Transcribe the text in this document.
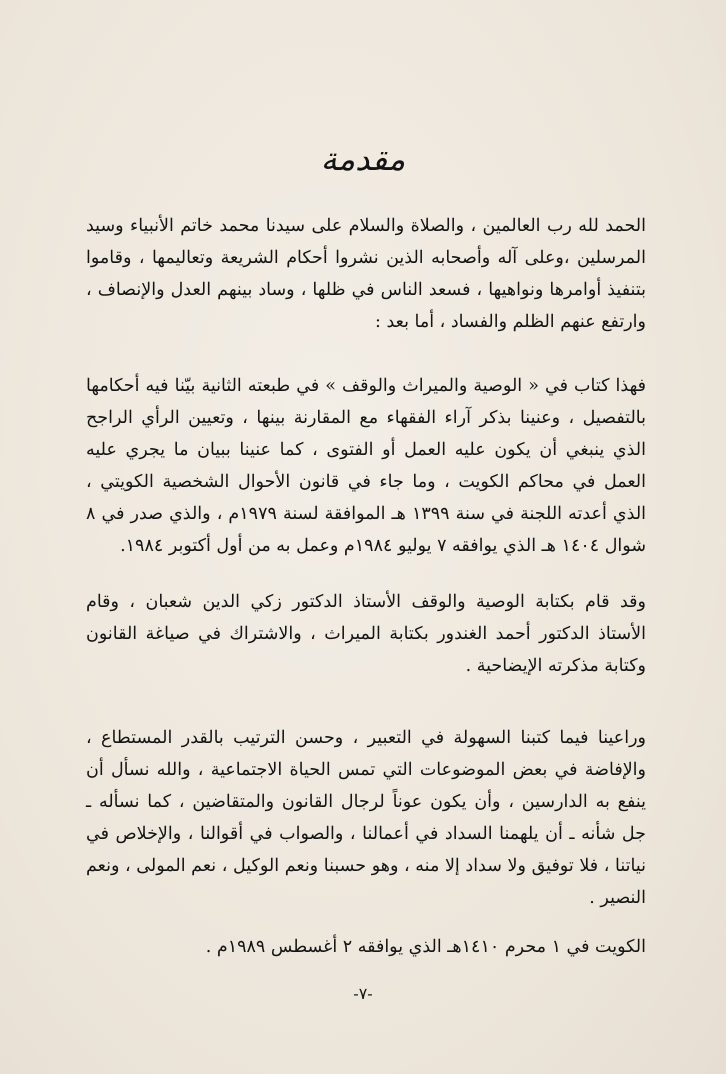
مقدمة

الحمد لله رب العالمين ، والصلاة والسلام على سيدنا محمد خاتم الأنبياء وسيد المرسلين ،وعلى آله وأصحابه الذين نشروا أحكام الشريعة وتعاليمها ، وقاموا بتنفيذ أوامرها ونواهيها ، فسعد الناس في ظلها ، وساد بينهم العدل والإنصاف ، وارتفع عنهم الظلم والفساد ، أما بعد :

فهذا كتاب في « الوصية والميراث والوقف » في طبعته الثانية بيّنا فيه أحكامها بالتفصيل ، وعنينا بذكر آراء الفقهاء مع المقارنة بينها ، وتعيين الرأي الراجح الذي ينبغي أن يكون عليه العمل أو الفتوى ، كما عنينا ببيان ما يجري عليه العمل في محاكم الكويت ، وما جاء في قانون الأحوال الشخصية الكويتي ، الذي أعدته اللجنة في سنة ١٣٩٩ هـ الموافقة لسنة ١٩٧٩م ، والذي صدر في ٨ شوال ١٤٠٤ هـ الذي يوافقه ٧ يوليو ١٩٨٤م وعمل به من أول أكتوبر ١٩٨٤.

وقد قام بكتابة الوصية والوقف الأستاذ الدكتور زكي الدين شعبان ، وقام الأستاذ الدكتور أحمد الغندور بكتابة الميراث ، والاشتراك في صياغة القانون وكتابة مذكرته الإيضاحية .

وراعينا فيما كتبنا السهولة في التعبير ، وحسن الترتيب بالقدر المستطاع ، والإفاضة في بعض الموضوعات التي تمس الحياة الاجتماعية ، والله نسأل أن ينفع به الدارسين ، وأن يكون عوناً لرجال القانون والمتقاضين ، كما نسأله ـ جل شأنه ـ أن يلهمنا السداد في أعمالنا ، والصواب في أقوالنا ، والإخلاص في نياتنا ، فلا توفيق ولا سداد إلا منه ، وهو حسبنا ونعم الوكيل ، نعم المولى ، ونعم النصير .

الكويت في ١ محرم ١٤١٠هـ الذي يوافقه ٢ أغسطس ١٩٨٩م .

-٧-
